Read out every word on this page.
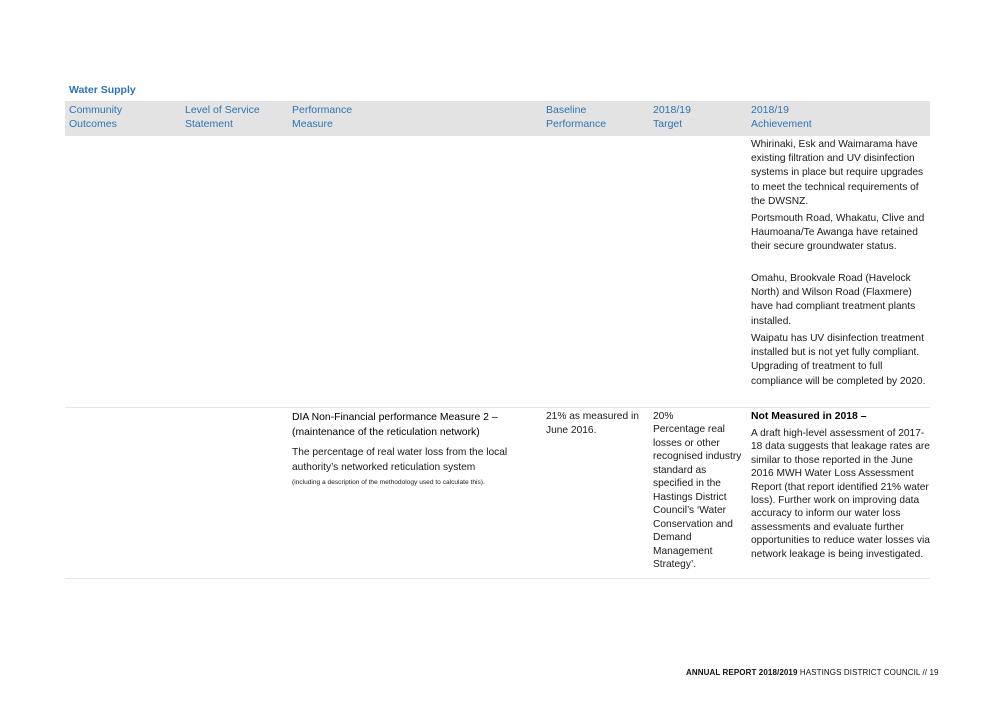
Water Supply
Community
Outcomes
Level of Service
Statement
Performance
Measure
Baseline
Performance
2018/19
Target
2018/19
Achievement
Whirinaki, Esk and Waimarama have existing filtration and UV disinfection systems in place but require upgrades to meet the technical requirements of the DWSNZ.
Portsmouth Road, Whakatu, Clive and Haumoana/Te Awanga have retained their secure groundwater status.
Omahu, Brookvale Road (Havelock North) and Wilson Road (Flaxmere) have had compliant treatment plants installed.
Waipatu has UV disinfection treatment installed but is not yet fully compliant. Upgrading of treatment to full compliance will be completed by 2020.
DIA Non-Financial performance Measure 2 – (maintenance of the reticulation network)
The percentage of real water loss from the local authority’s networked reticulation system
(including a description of the methodology used to calculate this).
21% as measured in June 2016.
20%
Percentage real losses or other recognised industry standard as specified in the Hastings District Council’s ‘Water Conservation and Demand Management Strategy’.
Not Measured in 2018 –
A draft high-level assessment of 2017-18 data suggests that leakage rates are similar to those reported in the June 2016 MWH Water Loss Assessment Report (that report identified 21% water loss). Further work on improving data accuracy to inform our water loss assessments and evaluate further opportunities to reduce water losses via network leakage is being investigated.
ANNUAL REPORT 2018/2019 HASTINGS DISTRICT COUNCIL // 19
